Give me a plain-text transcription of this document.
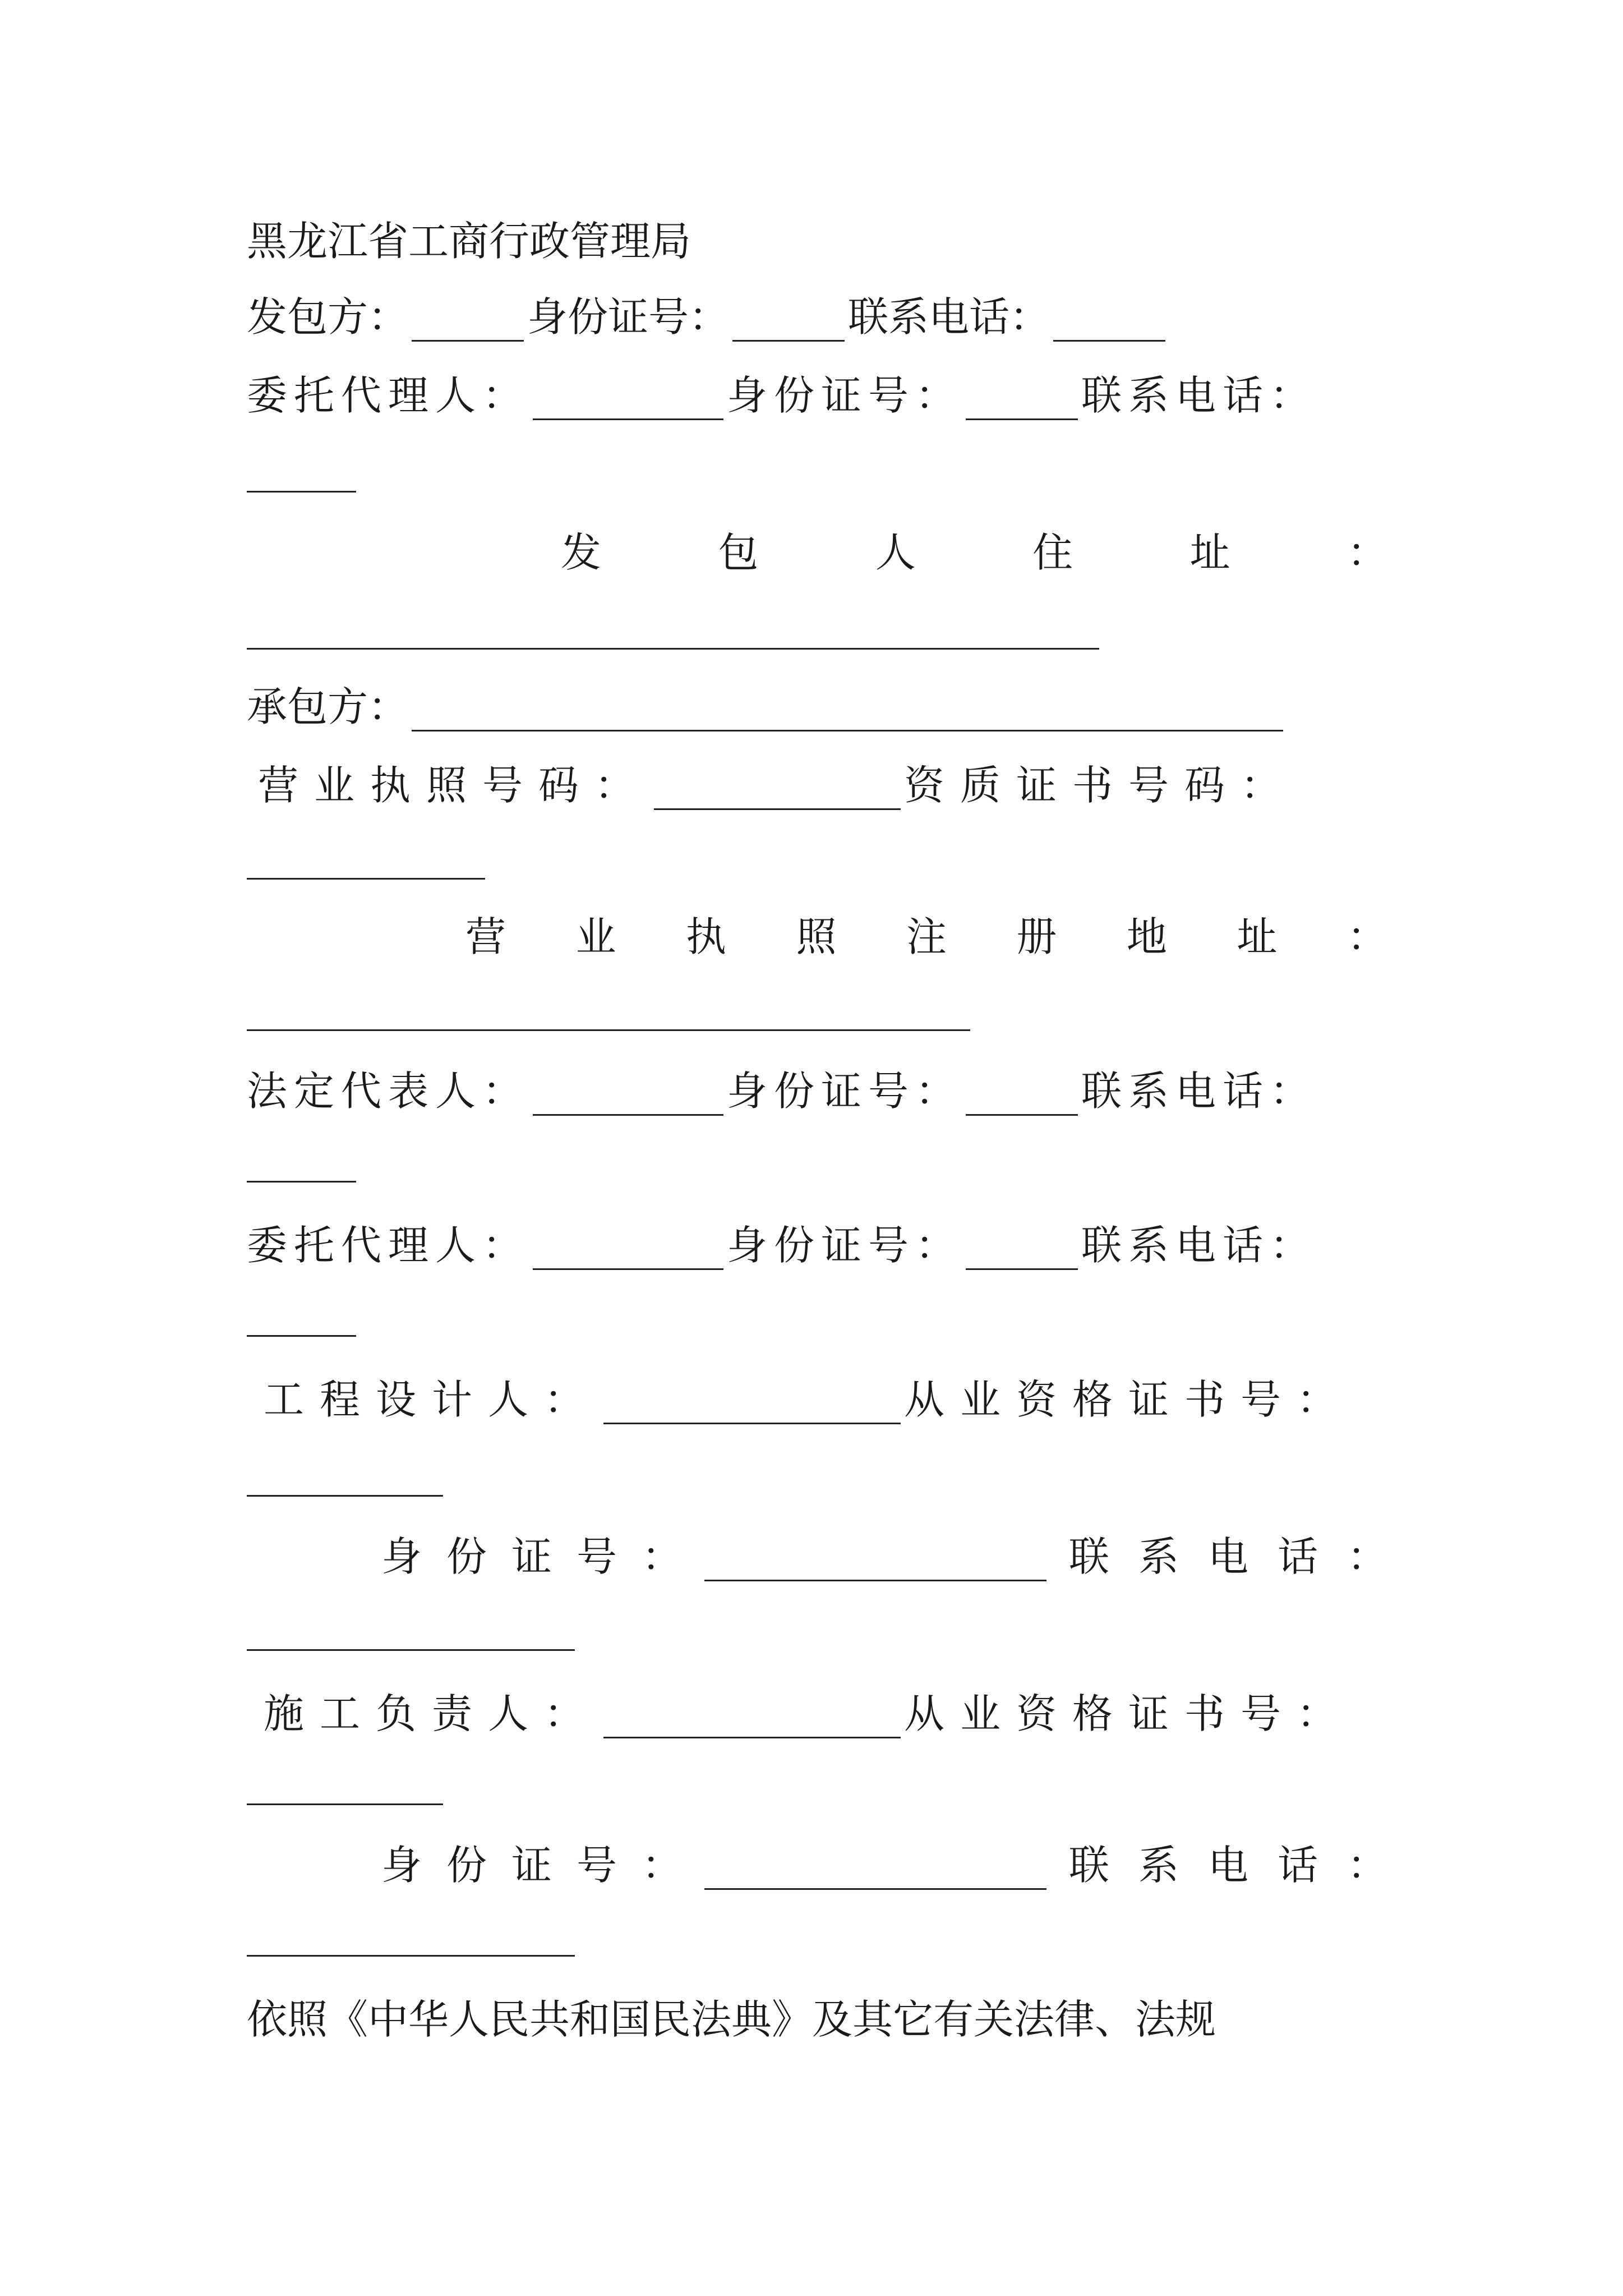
黑龙江省工商行政管理局
发包方：	身份证号：	联系电话：
委托代理人：	身份证号：	联系电话：
发	包	人	住	址	：
承包方：
营业执照号码：	资质证书号码：
营 业 执 照 注 册 地 址 ：
法定代表人：	身份证号：	联系电话：
委托代理人：	身份证号：	联系电话：
工程设计人：	从业资格证书号：
身 份 证 号 ：	联 系 电 话 ：
施工负责人：	从业资格证书号：
身 份 证 号 ：	联 系 电 话 ：
依照《中华人民共和国民法典》及其它有关法律、法规
